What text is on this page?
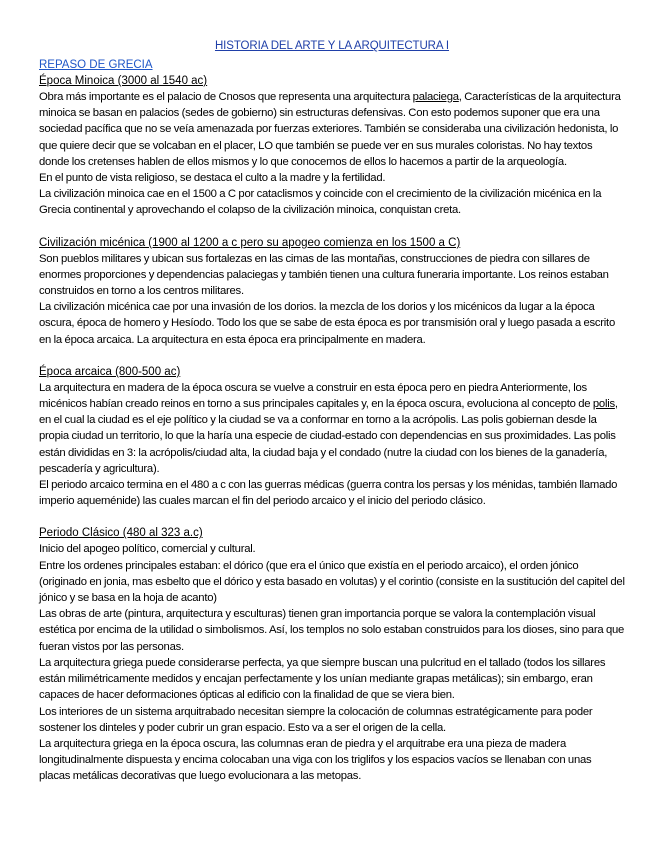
HISTORIA DEL ARTE Y LA ARQUITECTURA I
REPASO DE GRECIA
Época Minoica (3000 al 1540 ac)

Obra más importante es el palacio de Cnosos que representa una arquitectura palaciega, Características de la arquitectura minoica se basan en palacios (sedes de gobierno) sin estructuras defensivas. Con esto podemos suponer que era una sociedad pacífica que no se veía amenazada por fuerzas exteriores. También se consideraba una civilización hedonista, lo que quiere decir que se volcaban en el placer, LO que también se puede ver en sus murales coloristas. No hay textos donde los cretenses hablen de ellos mismos y lo que conocemos de ellos lo hacemos a partir de la arqueología.

En el punto de vista religioso, se destaca el culto a la madre y la fertilidad.

La civilización minoica cae en el 1500 a C por cataclismos y coincide con el crecimiento de la civilización micénica en la Grecia continental y aprovechando el colapso de la civilización minoica, conquistan creta.

Civilización micénica (1900 al 1200 a c pero su apogeo comienza en los 1500 a C)

Son pueblos militares y ubican sus fortalezas en las cimas de las montañas, construcciones de piedra con sillares de enormes proporciones y dependencias palaciegas y también tienen una cultura funeraria importante. Los reinos estaban construidos en torno a los centros militares.

La civilización micénica cae por una invasión de los dorios. la mezcla de los dorios y los micénicos da lugar a la época oscura, época de homero y Hesíodo. Todo los que se sabe de esta época es por transmisión oral y luego pasada a escrito en la época arcaica. La arquitectura en esta época era principalmente en madera.

Época arcaica (800-500 ac)

La arquitectura en madera de la época oscura se vuelve a construir en esta época pero en piedra Anteriormente, los micénicos habían creado reinos en torno a sus principales capitales y, en la época oscura, evoluciona al concepto de polis, en el cual la ciudad es el eje político y la ciudad se va a conformar en torno a la acrópolis. Las polis gobiernan desde la propia ciudad un territorio, lo que la haría una especie de ciudad-estado con dependencias en sus proximidades. Las polis están divididas en 3: la acrópolis/ciudad alta, la ciudad baja y el condado (nutre la ciudad con los bienes de la ganadería, pescadería y agricultura).

El periodo arcaico termina en el 480 a c con las guerras médicas (guerra contra los persas y los ménidas, también llamado imperio aqueménide) las cuales marcan el fin del periodo arcaico y el inicio del periodo clásico.

Periodo Clásico (480 al 323 a.c)

Inicio del apogeo político, comercial y cultural.

Entre los ordenes principales estaban: el dórico (que era el único que existía en el periodo arcaico), el orden jónico (originado en jonia, mas esbelto que el dórico y esta basado en volutas) y el corintio (consiste en la sustitución del capitel del jónico y se basa en la hoja de acanto)

Las obras de arte (pintura, arquitectura y esculturas) tienen gran importancia porque se valora la contemplación visual estética por encima de la utilidad o simbolismos. Así, los templos no solo estaban construidos para los dioses, sino para que fueran vistos por las personas.

La arquitectura griega puede considerarse perfecta, ya que siempre buscan una pulcritud en el tallado (todos los sillares están milimétricamente medidos y encajan perfectamente y los unían mediante grapas metálicas); sin embargo, eran capaces de hacer deformaciones ópticas al edificio con la finalidad de que se viera bien.

Los interiores de un sistema arquitrabado necesitan siempre la colocación de columnas estratégicamente para poder sostener los dinteles y poder cubrir un gran espacio. Esto va a ser el origen de la cella.

La arquitectura griega en la época oscura, las columnas eran de piedra y el arquitrabe era una pieza de madera longitudinalmente dispuesta y encima colocaban una viga con los triglifos y los espacios vacíos se llenaban con unas placas metálicas decorativas que luego evolucionara a las metopas.
